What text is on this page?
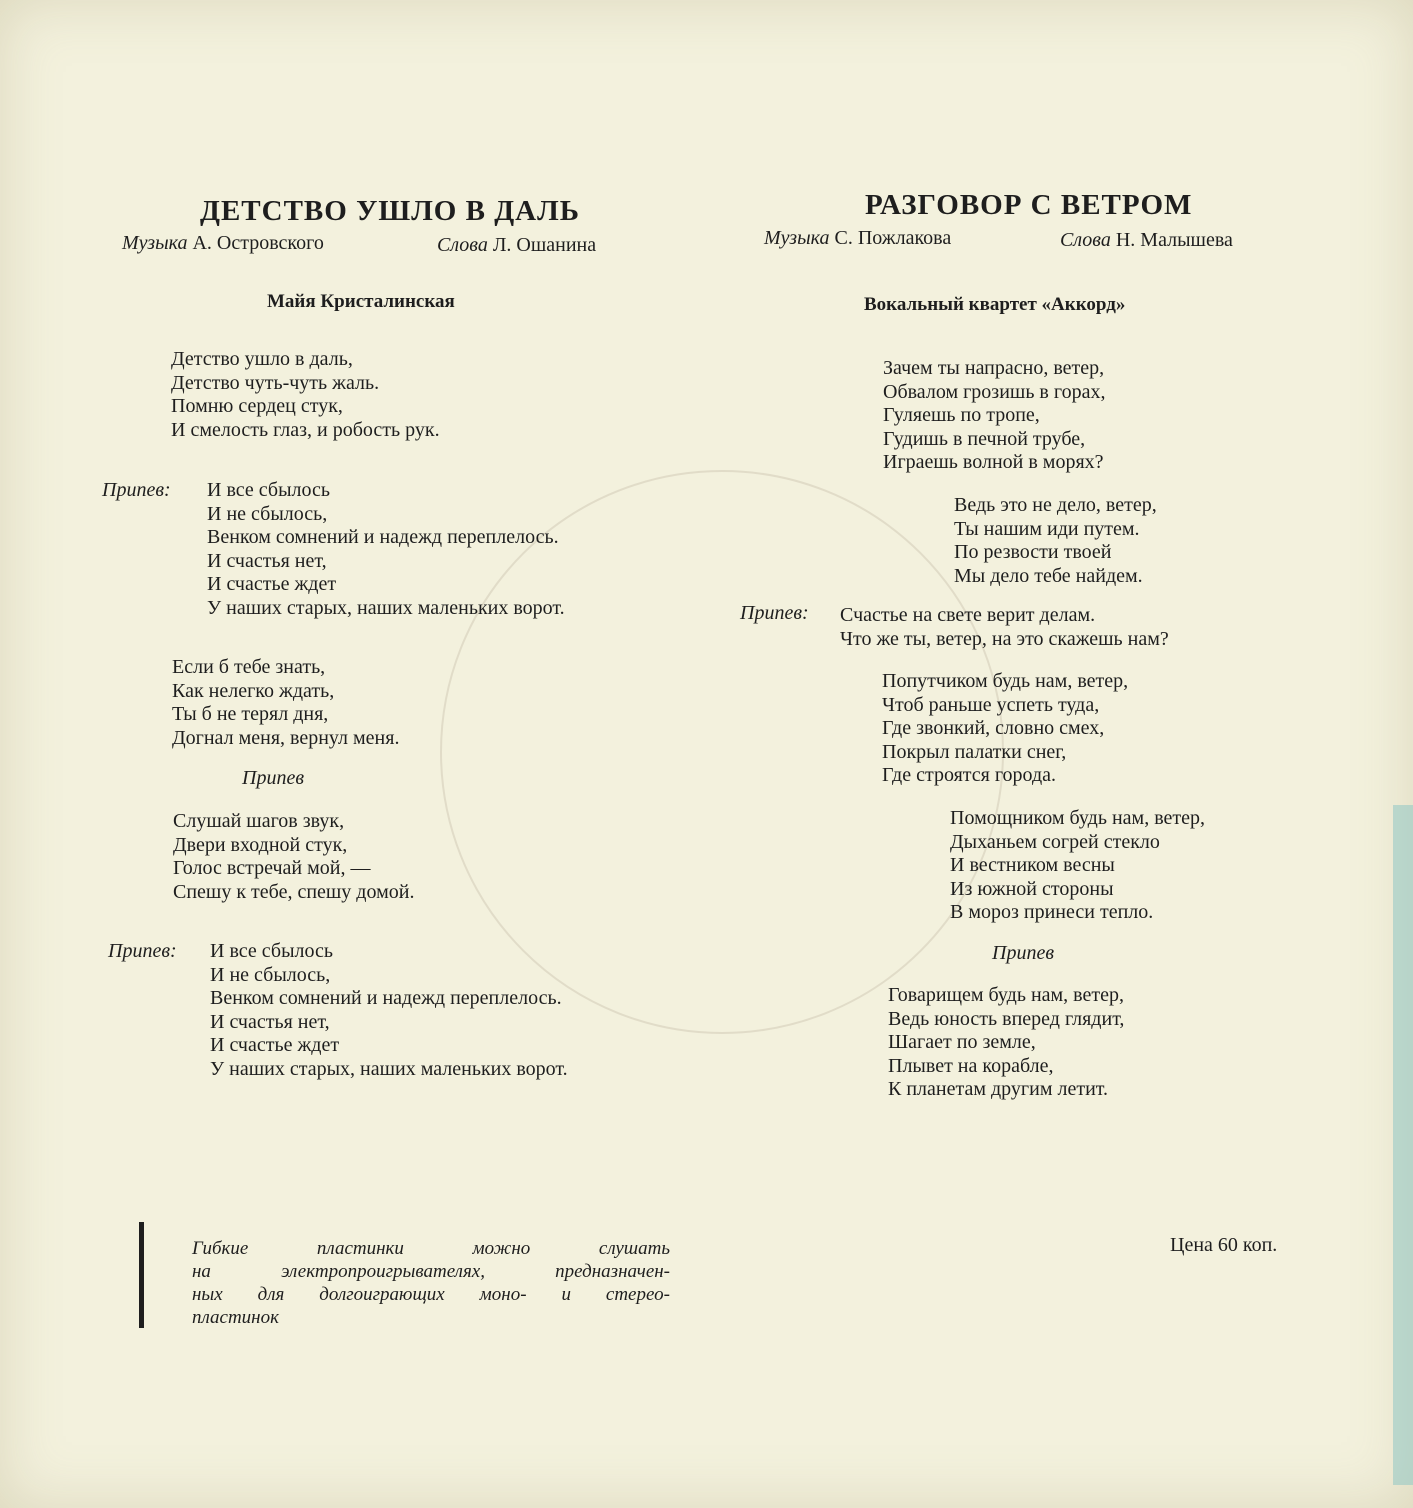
ДЕТСТВО УШЛО В ДАЛЬ
Музыка А. Островского	Слова Л. Ошанина
Майя Кристалинская
Детство ушло в даль,
Детство чуть-чуть жаль.
Помню сердец стук,
И смелость глаз, и робость рук.
Припев: И все сбылось
И не сбылось,
Венком сомнений и надежд переплелось.
И счастья нет,
И счастье ждет
У наших старых, наших маленьких ворот.
Если б тебе знать,
Как нелегко ждать,
Ты б не терял дня,
Догнал меня, вернул меня.
Припев
Слушай шагов звук,
Двери входной стук,
Голос встречай мой, —
Спешу к тебе, спешу домой.
Припев: И все сбылось
И не сбылось,
Венком сомнений и надежд переплелось.
И счастья нет,
И счастье ждет
У наших старых, наших маленьких ворот.
РАЗГОВОР С ВЕТРОМ
Музыка С. Пожлакова	Слова Н. Малышева
Вокальный квартет «Аккорд»
Зачем ты напрасно, ветер,
Обвалом грозишь в горах,
Гуляешь по тропе,
Гудишь в печной трубе,
Играешь волной в морях?
Ведь это не дело, ветер,
Ты нашим иди путем.
По резвости твоей
Мы дело тебе найдем.
Припев: Счастье на свете верит делам.
Что же ты, ветер, на это скажешь нам?
Попутчиком будь нам, ветер,
Чтоб раньше успеть туда,
Где звонкий, словно смех,
Покрыл палатки снег,
Где строятся города.
Помощником будь нам, ветер,
Дыханьем согрей стекло
И вестником весны
Из южной стороны
В мороз принеси тепло.
Припев
Говарищем будь нам, ветер,
Ведь юность вперед глядит,
Шагает по земле,
Плывет на корабле,
К планетам другим летит.
Гибкие пластинки можно слушать
на электропроигрывателях, предназначен-
ных для долгоиграющих моно- и стерео-
пластинок
Цена 60 коп.
